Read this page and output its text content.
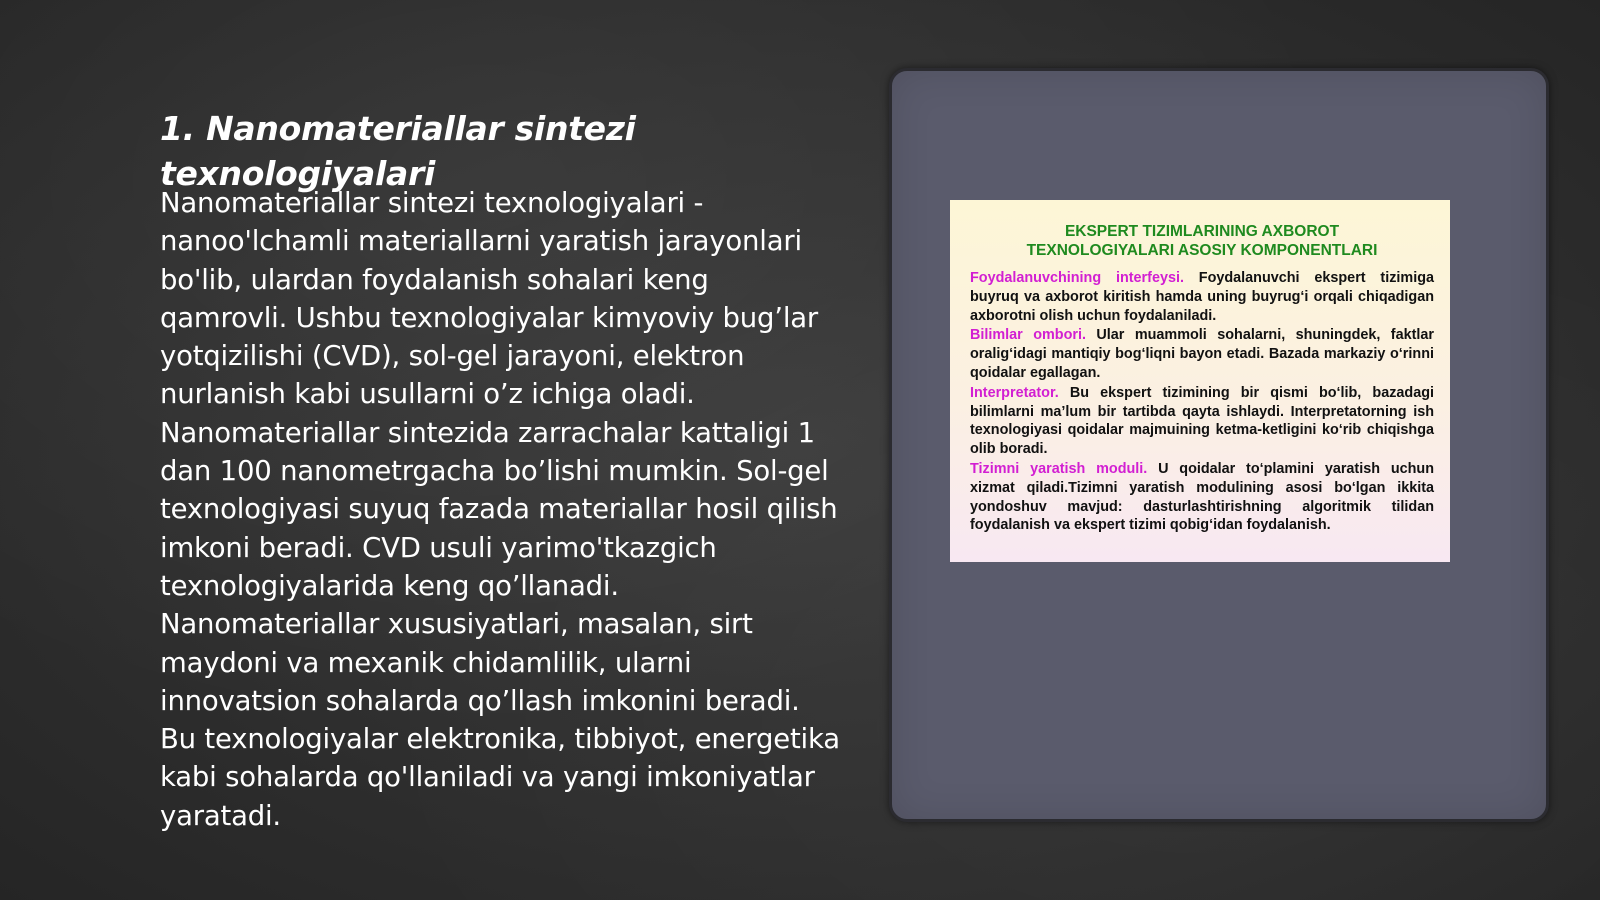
1. Nanomateriallar sintezi texnologiyalari

Nanomateriallar sintezi texnologiyalari - nanoo'lchamli materiallarni yaratish jarayonlari bo'lib, ulardan foydalanish sohalari keng qamrovli. Ushbu texnologiyalar kimyoviy bug’lar yotqizilishi (CVD), sol-gel jarayoni, elektron nurlanish kabi usullarni o’z ichiga oladi. Nanomateriallar sintezida zarrachalar kattaligi 1 dan 100 nanometrgacha bo’lishi mumkin. Sol-gel texnologiyasi suyuq fazada materiallar hosil qilish imkoni beradi. CVD usuli yarimo'tkazgich texnologiyalarida keng qo’llanadi. Nanomateriallar xususiyatlari, masalan, sirt maydoni va mexanik chidamlilik, ularni innovatsion sohalarda qo’llash imkonini beradi. Bu texnologiyalar elektronika, tibbiyot, energetika kabi sohalarda qo'llaniladi va yangi imkoniyatlar yaratadi.

EKSPERT TIZIMLARINING AXBOROT
TEXNOLOGIYALARI ASOSIY KOMPONENTLARI

Foydalanuvchining interfeysi. Foydalanuvchi ekspert tizimiga buyruq va axborot kiritish hamda uning buyrug‘i orqali chiqadigan axborotni olish uchun foydalaniladi.

Bilimlar ombori. Ular muammoli sohalarni, shuningdek, faktlar oralig‘idagi mantiqiy bog‘liqni bayon etadi. Bazada markaziy o‘rinni qoidalar egallagan.

Interpretator. Bu ekspert tizimining bir qismi bo‘lib, bazadagi bilimlarni ma’lum bir tartibda qayta ishlaydi. Interpretatorning ish texnologiyasi qoidalar majmuining ketma-ketligini ko‘rib chiqishga olib boradi.

Tizimni yaratish moduli. U qoidalar to‘plamini yaratish uchun xizmat qiladi.Tizimni yaratish modulining asosi bo‘lgan ikkita yondoshuv mavjud: dasturlashtirishning algoritmik tilidan foydalanish va ekspert tizimi qobig‘idan foydalanish.
